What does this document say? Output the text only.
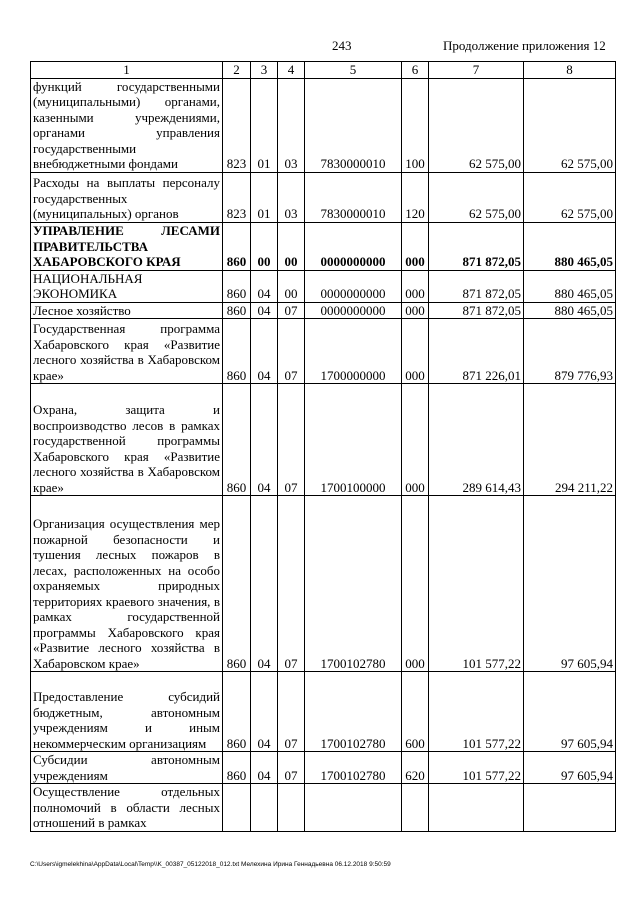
243	Продолжение приложения 12
1	2	3	4	5	6	7	8
функций государственными (муниципальными) органами, казенными учреждениями, органами управления государственными внебюджетными фондами	823	01	03	7830000010	100	62 575,00	62 575,00
Расходы на выплаты персоналу государственных (муниципальных) органов	823	01	03	7830000010	120	62 575,00	62 575,00
УПРАВЛЕНИЕ ЛЕСАМИ ПРАВИТЕЛЬСТВА ХАБАРОВСКОГО КРАЯ	860	00	00	0000000000	000	871 872,05	880 465,05
НАЦИОНАЛЬНАЯ ЭКОНОМИКА	860	04	00	0000000000	000	871 872,05	880 465,05
Лесное хозяйство	860	04	07	0000000000	000	871 872,05	880 465,05
Государственная программа Хабаровского края «Развитие лесного хозяйства в Хабаровском крае»	860	04	07	1700000000	000	871 226,01	879 776,93
Охрана, защита и воспроизводство лесов в рамках государственной программы Хабаровского края «Развитие лесного хозяйства в Хабаровском крае»	860	04	07	1700100000	000	289 614,43	294 211,22
Организация осуществления мер пожарной безопасности и тушения лесных пожаров в лесах, расположенных на особо охраняемых природных территориях краевого значения, в рамках государственной программы Хабаровского края «Развитие лесного хозяйства в Хабаровском крае»	860	04	07	1700102780	000	101 577,22	97 605,94
Предоставление субсидий бюджетным, автономным учреждениям и иным некоммерческим организациям	860	04	07	1700102780	600	101 577,22	97 605,94
Субсидии автономным учреждениям	860	04	07	1700102780	620	101 577,22	97 605,94
Осуществление отдельных полномочий в области лесных отношений в рамках							
C:\Users\igmelekhina\AppData\Local\Temp\\K_00387_05122018_012.txt Мелехина Ирина Геннадьевна 06.12.2018 9:50:59
